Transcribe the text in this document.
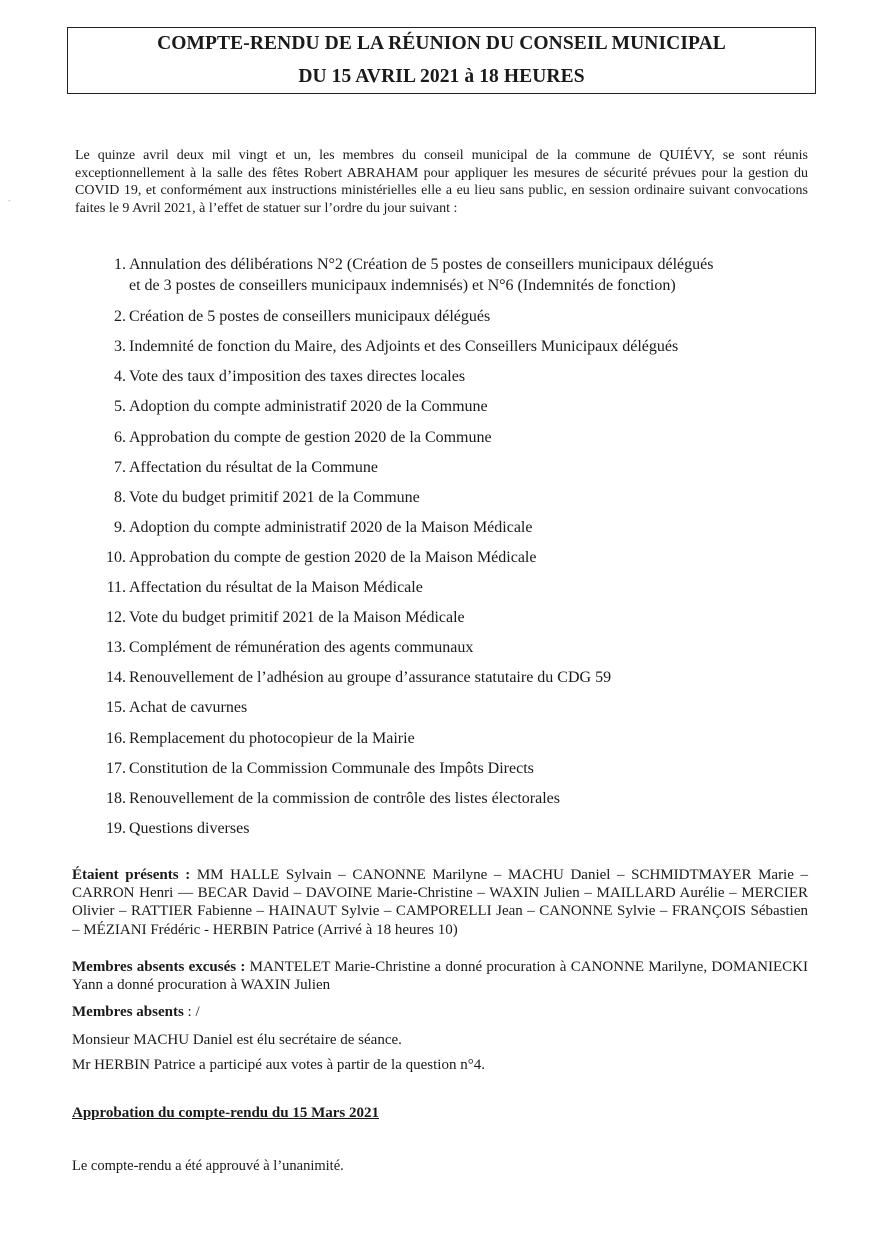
COMPTE-RENDU DE LA RÉUNION DU CONSEIL MUNICIPAL
DU 15 AVRIL 2021 à 18 HEURES
-
Le quinze avril deux mil vingt et un, les membres du conseil municipal de la commune de QUIÉVY, se sont réunis exceptionnellement à la salle des fêtes Robert ABRAHAM pour appliquer les mesures de sécurité prévues pour la gestion du COVID 19, et conformément aux instructions ministérielles elle a eu lieu sans public, en session ordinaire suivant convocations faites le 9 Avril 2021, à l’effet de statuer sur l’ordre du jour suivant :
1. Annulation des délibérations N°2 (Création de 5 postes de conseillers municipaux délégués
et de 3 postes de conseillers municipaux indemnisés) et N°6 (Indemnités de fonction)
2. Création de 5 postes de conseillers municipaux délégués
3. Indemnité de fonction du Maire, des Adjoints et des Conseillers Municipaux délégués
4. Vote des taux d’imposition des taxes directes locales
5. Adoption du compte administratif 2020 de la Commune
6. Approbation du compte de gestion 2020 de la Commune
7. Affectation du résultat de la Commune
8. Vote du budget primitif 2021 de la Commune
9. Adoption du compte administratif 2020 de la Maison Médicale
10. Approbation du compte de gestion 2020 de la Maison Médicale
11. Affectation du résultat de la Maison Médicale
12. Vote du budget primitif 2021 de la Maison Médicale
13. Complément de rémunération des agents communaux
14. Renouvellement de l’adhésion au groupe d’assurance statutaire du CDG 59
15. Achat de cavurnes
16. Remplacement du photocopieur de la Mairie
17. Constitution de la Commission Communale des Impôts Directs
18. Renouvellement de la commission de contrôle des listes électorales
19. Questions diverses
Étaient présents : MM HALLE Sylvain – CANONNE Marilyne – MACHU Daniel – SCHMIDTMAYER Marie – CARRON Henri — BECAR David – DAVOINE Marie-Christine – WAXIN Julien – MAILLARD Aurélie – MERCIER Olivier – RATTIER Fabienne – HAINAUT Sylvie – CAMPORELLI Jean – CANONNE Sylvie – FRANÇOIS Sébastien – MÉZIANI Frédéric - HERBIN Patrice (Arrivé à 18 heures 10)
Membres absents excusés : MANTELET Marie-Christine a donné procuration à CANONNE Marilyne, DOMANIECKI Yann a donné procuration à WAXIN Julien
Membres absents : /
Monsieur MACHU Daniel est élu secrétaire de séance.
Mr HERBIN Patrice a participé aux votes à partir de la question n°4.
Approbation du compte-rendu du 15 Mars 2021
Le compte-rendu a été approuvé à l’unanimité.
